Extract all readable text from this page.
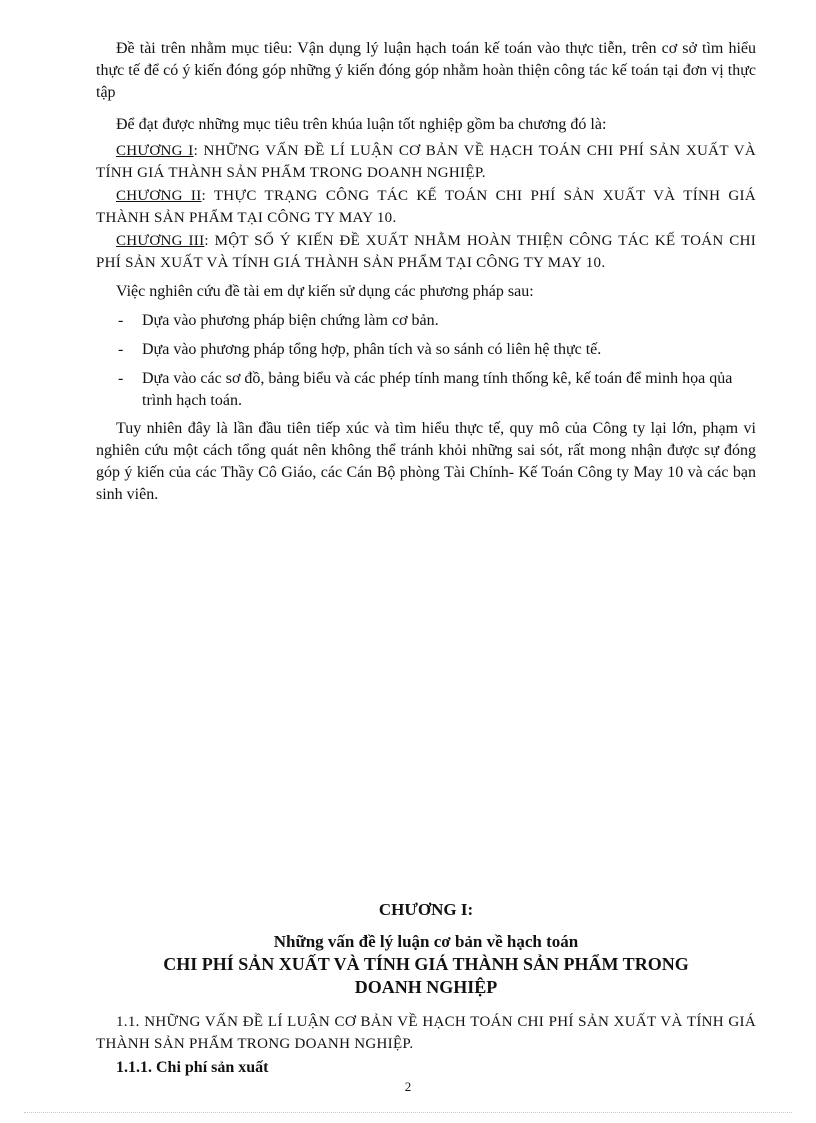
Đề tài trên nhằm mục tiêu: Vận dụng lý luận hạch toán kế toán vào thực tiễn, trên cơ sở tìm hiểu thực tế để có ý kiến đóng góp những ý kiến đóng góp nhằm hoàn thiện công tác kế toán tại đơn vị thực tập

Để đạt được những mục tiêu trên khúa luận tốt nghiệp gồm ba chương đó là:

CHƯƠNG I: NHỮNG VẤN ĐỀ LÍ LUẬN CƠ BẢN VỀ HẠCH TOÁN CHI PHÍ SẢN XUẤT VÀ TÍNH GIÁ THÀNH SẢN PHẨM TRONG DOANH NGHIỆP.

CHƯƠNG II: THỰC TRẠNG CÔNG TÁC KẾ TOÁN CHI PHÍ SẢN XUẤT VÀ TÍNH GIÁ THÀNH SẢN PHẨM TẠI CÔNG TY MAY 10.

CHƯƠNG III: MỘT SỐ Ý KIẾN ĐỀ XUẤT NHẰM HOÀN THIỆN CÔNG TÁC KẾ TOÁN CHI PHÍ SẢN XUẤT VÀ TÍNH GIÁ THÀNH SẢN PHẨM TẠI CÔNG TY MAY 10.

Việc nghiên cứu đề tài em dự kiến sử dụng các phương pháp sau:

- Dựa vào phương pháp biện chứng làm cơ bản.
- Dựa vào phương pháp tổng hợp, phân tích và so sánh có liên hệ thực tế.
- Dựa vào các sơ đồ, bảng biểu và các phép tính mang tính thống kê, kế toán để minh họa qủa trình hạch toán.

Tuy nhiên đây là lần đầu tiên tiếp xúc và tìm hiểu thực tế, quy mô của Công ty lại lớn, phạm vi nghiên cứu một cách tổng quát nên không thể tránh khỏi những sai sót, rất mong nhận được sự đóng góp ý kiến của các Thầy Cô Giáo, các Cán Bộ phòng Tài Chính- Kế Toán Công ty May 10 và các bạn sinh viên.

CHƯƠNG I:

Những vấn đề lý luận cơ bản về hạch toán

CHI PHÍ SẢN XUẤT VÀ TÍNH GIÁ THÀNH SẢN PHẨM TRONG DOANH NGHIỆP

1.1. NHỮNG VẤN ĐỀ LÍ LUẬN CƠ BẢN VỀ HẠCH TOÁN CHI PHÍ SẢN XUẤT VÀ TÍNH GIÁ THÀNH SẢN PHẨM TRONG DOANH NGHIỆP.

1.1.1. Chi phí sản xuất

2
